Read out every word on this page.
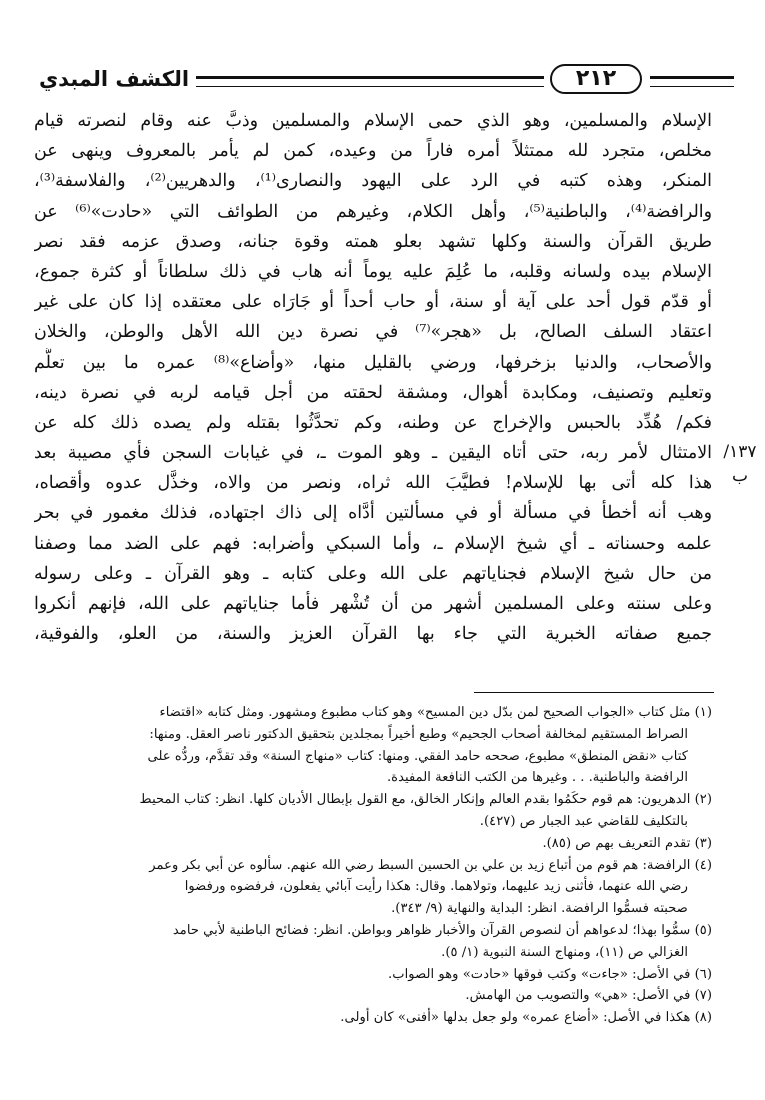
٢١٢
الكشف المبدي
١٣٧/ب
الإسلام والمسلمين، وهو الذي حمى الإسلام والمسلمين وذبَّ عنه وقام لنصرته قيام
مخلص، متجرد لله ممتثلاً أمره فاراً من وعيده، كمن لم يأمر بالمعروف وينهى عن
المنكر، وهذه كتبه في الرد على اليهود والنصارى⁽¹⁾، والدهريين⁽²⁾، والفلاسفة⁽³⁾،
والرافضة⁽⁴⁾، والباطنية⁽⁵⁾، وأهل الكلام، وغيرهم من الطوائف التي «حادت»⁽⁶⁾ عن
طريق القرآن والسنة وكلها تشهد بعلو همته وقوة جنانه، وصدق عزمه فقد نصر
الإسلام بيده ولسانه وقلبه، ما عُلِمَ عليه يوماً أنه هاب في ذلك سلطاناً أو كثرة جموع،
أو قدّم قول أحد على آية أو سنة، أو حاب أحداً أو جَارَاه على معتقده إذا كان على غير
اعتقاد السلف الصالح، بل «هجر»⁽⁷⁾ في نصرة دين الله الأهل والوطن، والخلان
والأصحاب، والدنيا بزخرفها، ورضي بالقليل منها، «وأضاع»⁽⁸⁾ عمره ما بين تعلُّم
وتعليم وتصنيف، ومكابدة أهوال، ومشقة لحقته من أجل قيامه لربه في نصرة دينه،
فكم/ هُدِّد بالحبس والإخراج عن وطنه، وكم تحدَّثُوا بقتله ولم يصده ذلك كله عن
الامتثال لأمر ربه، حتى أتاه اليقين ـ وهو الموت ـ، في غيابات السجن فأي مصيبة بعد
هذا كله أتى بها للإسلام! فطيَّبَ الله ثراه، ونصر من والاه، وخذَّل عدوه وأقصاه،
وهب أنه أخطأ في مسألة أو في مسألتين أدَّاه إلى ذاك اجتهاده، فذلك مغمور في بحر
علمه وحسناته ـ أي شيخ الإسلام ـ، وأما السبكي وأضرابه: فهم على الضد مما وصفنا
من حال شيخ الإسلام فجناياتهم على الله وعلى كتابه ـ وهو القرآن ـ وعلى رسوله
وعلى سنته وعلى المسلمين أشهر من أن تُشْهر فأما جناياتهم على الله، فإنهم أنكروا
جميع صفاته الخبرية التي جاء بها القرآن العزيز والسنة، من العلو، والفوقية،
(١) مثل كتاب «الجواب الصحيح لمن بدّل دين المسيح» وهو كتاب مطبوع ومشهور. ومثل كتابه «اقتضاء
الصراط المستقيم لمخالفة أصحاب الجحيم» وطبع أخيراً بمجلدين بتحقيق الدكتور ناصر العقل. ومنها:
كتاب «نقض المنطق» مطبوع، صححه حامد الفقي. ومنها: كتاب «منهاج السنة» وقد تقدَّم، وردُّه على
الرافضة والباطنية. . . وغيرها من الكتب النافعة المفيدة.
(٢) الدهريون: هم قوم حكَمُوا بقدم العالم وإنكار الخالق، مع القول بإبطال الأديان كلها. انظر: كتاب المحيط
بالتكليف للقاضي عبد الجبار ص (٤٢٧).
(٣) تقدم التعريف بهم ص (٨٥).
(٤) الرافضة: هم قوم من أتباع زيد بن علي بن الحسين السبط رضي الله عنهم. سألوه عن أبي بكر وعمر
رضي الله عنهما، فأثنى زيد عليهما، وتولاهما. وقال: هكذا رأيت آبائي يفعلون، فرفضوه ورفضوا
صحبته فسمُّوا الرافضة. انظر: البداية والنهاية (٩/ ٣٤٣).
(٥) سمُّوا بهذا؛ لدعواهم أن لنصوص القرآن والأخبار ظواهر وبواطن. انظر: فضائح الباطنية لأبي حامد
الغزالي ص (١١)، ومنهاج السنة النبوية (١/ ٥).
(٦) في الأصل: «جاءت» وكتب فوقها «حادت» وهو الصواب.
(٧) في الأصل: «هي» والتصويب من الهامش.
(٨) هكذا في الأصل: «أضاع عمره» ولو جعل بدلها «أفنى» كان أولى.
